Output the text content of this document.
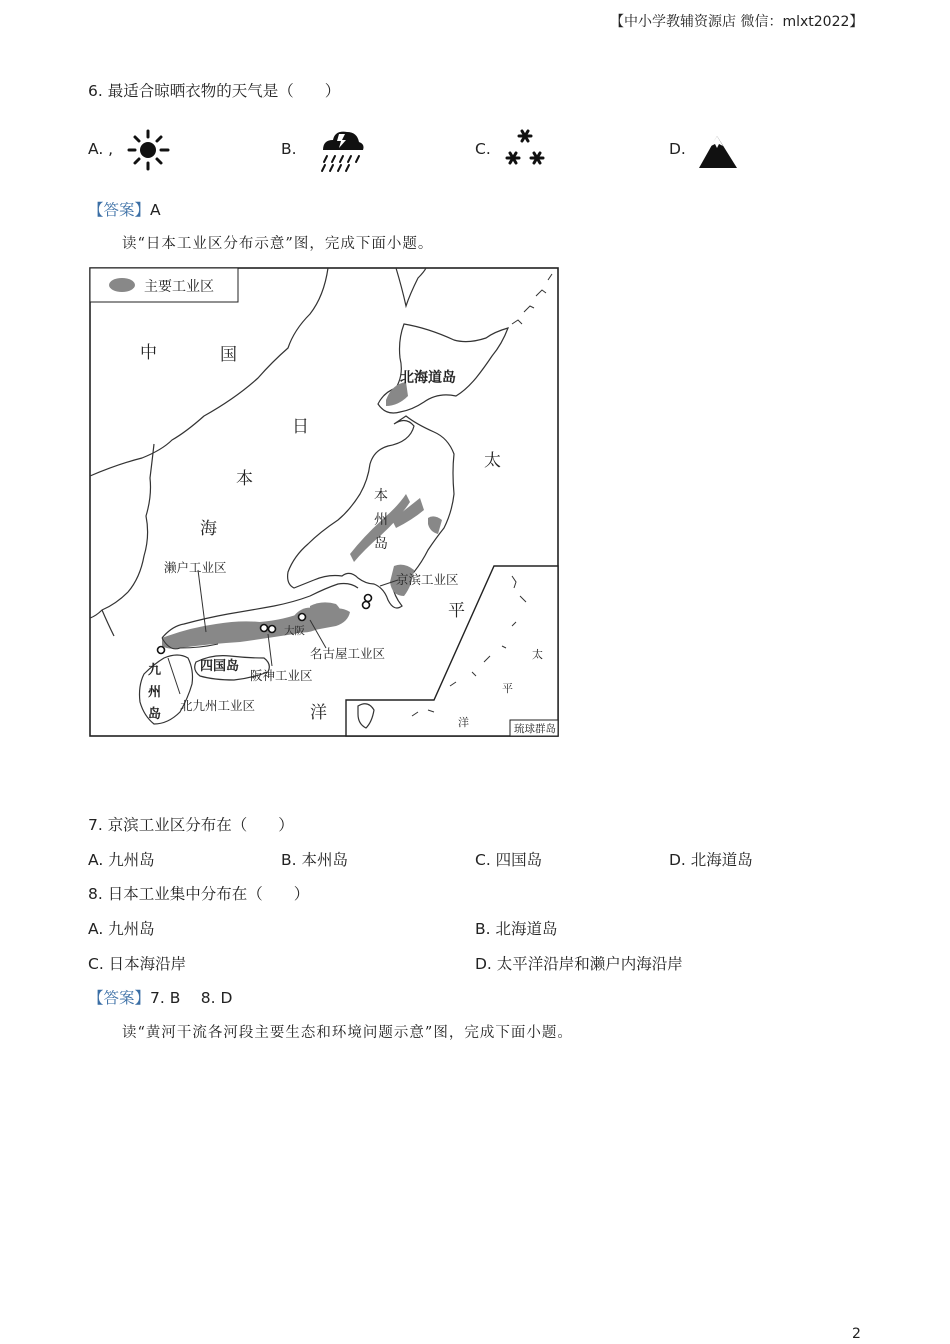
【中小学教辅资源店 微信：mlxt2022】
6. 最适合晾晒衣物的天气是（　　）
A. ,	B.	C.	D.
【答案】A
读“日本工业区分布示意”图，完成下面小题。
主要工业区
琉球群岛
中	国
日
本
海
太
平
洋
北海道岛
本
州
岛
京滨工业区
濑户工业区
大阪
名古屋工业区
阪神工业区
北九州工业区
四国岛
九
州
岛
太
平
洋
7. 京滨工业区分布在（　　）
A. 九州岛	B. 本州岛	C. 四国岛	D. 北海道岛
8. 日本工业集中分布在（　　）
A. 九州岛	B. 北海道岛
C. 日本海沿岸	D. 太平洋沿岸和濑户内海沿岸
【答案】7. B　 8. D
读“黄河干流各河段主要生态和环境问题示意”图，完成下面小题。
2
